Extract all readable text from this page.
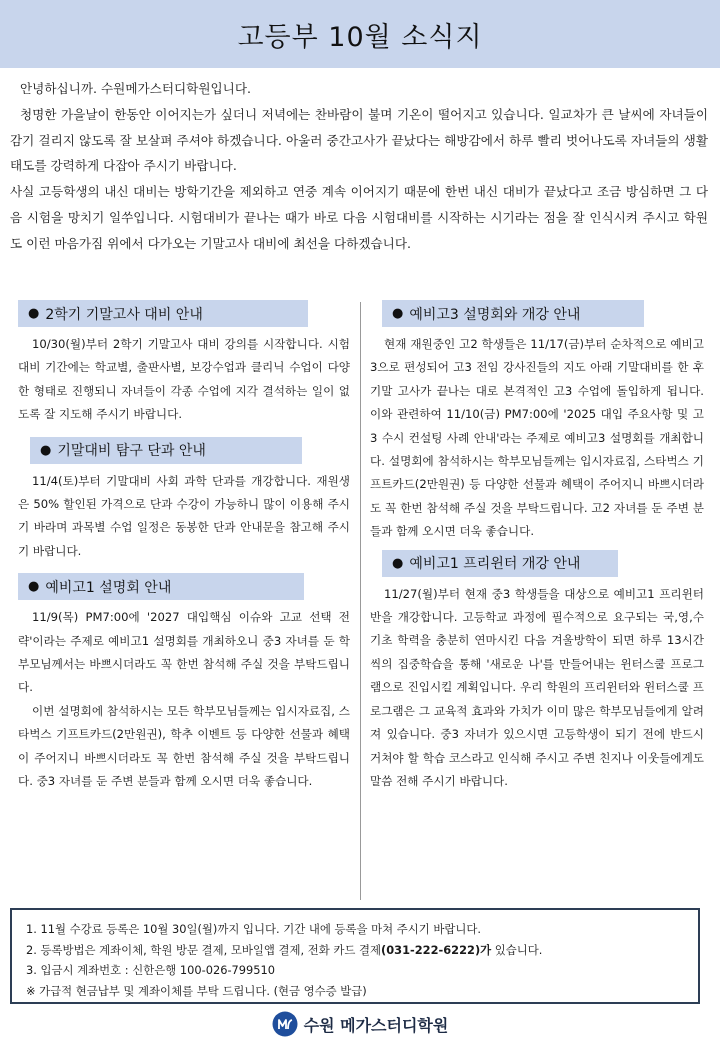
고등부 10월 소식지

안녕하십니까. 수원메가스터디학원입니다.

청명한 가을날이 한동안 이어지는가 싶더니 저녁에는 찬바람이 불며 기온이 떨어지고 있습니다. 일교차가 큰 날씨에 자녀들이 감기 걸리지 않도록 잘 보살펴 주셔야 하겠습니다. 아울러 중간고사가 끝났다는 해방감에서 하루 빨리 벗어나도록 자녀들의 생활 태도를 강력하게 다잡아 주시기 바랍니다.

사실 고등학생의 내신 대비는 방학기간을 제외하고 연중 계속 이어지기 때문에 한번 내신 대비가 끝났다고 조금 방심하면 그 다음 시험을 망치기 일쑤입니다. 시험대비가 끝나는 때가 바로 다음 시험대비를 시작하는 시기라는 점을 잘 인식시켜 주시고 학원도 이런 마음가짐 위에서 다가오는 기말고사 대비에 최선을 다하겠습니다.

● 2학기 기말고사 대비 안내

10/30(월)부터 2학기 기말고사 대비 강의를 시작합니다. 시험대비 기간에는 학교별, 출판사별, 보강수업과 클리닉 수업이 다양한 형태로 진행되니 자녀들이 각종 수업에 지각 결석하는 일이 없도록 잘 지도해 주시기 바랍니다.

● 기말대비 탐구 단과 안내

11/4(토)부터 기말대비 사회 과학 단과를 개강합니다. 재원생은 50% 할인된 가격으로 단과 수강이 가능하니 많이 이용해 주시기 바라며 과목별 수업 일정은 동봉한 단과 안내문을 참고해 주시기 바랍니다.

● 예비고1 설명회 안내

11/9(목) PM7:00에 '2027 대입핵심 이슈와 고교 선택 전략'이라는 주제로 예비고1 설명회를 개최하오니 중3 자녀를 둔 학부모님께서는 바쁘시더라도 꼭 한번 참석해 주실 것을 부탁드립니다.

이번 설명회에 참석하시는 모든 학부모님들께는 입시자료집, 스타벅스 기프트카드(2만원권), 학추 이벤트 등 다양한 선물과 혜택이 주어지니 바쁘시더라도 꼭 한번 참석해 주실 것을 부탁드립니다. 중3 자녀를 둔 주변 분들과 함께 오시면 더욱 좋습니다.

● 예비고3 설명회와 개강 안내

현재 재원중인 고2 학생들은 11/17(금)부터 순차적으로 예비고3으로 편성되어 고3 전임 강사진들의 지도 아래 기말대비를 한 후 기말 고사가 끝나는 대로 본격적인 고3 수업에 돌입하게 됩니다. 이와 관련하여 11/10(금) PM7:00에 '2025 대입 주요사항 및 고3 수시 컨설팅 사례 안내'라는 주제로 예비고3 설명회를 개최합니다. 설명회에 참석하시는 학부모님들께는 입시자료집, 스타벅스 기프트카드(2만원권) 등 다양한 선물과 혜택이 주어지니 바쁘시더라도 꼭 한번 참석해 주실 것을 부탁드립니다. 고2 자녀를 둔 주변 분들과 함께 오시면 더욱 좋습니다.

● 예비고1 프리윈터 개강 안내

11/27(월)부터 현재 중3 학생들을 대상으로 예비고1 프리윈터반을 개강합니다. 고등학교 과정에 필수적으로 요구되는 국,영,수 기초 학력을 충분히 연마시킨 다음 겨울방학이 되면 하루 13시간씩의 집중학습을 통해 '새로운 나'를 만들어내는 윈터스쿨 프로그램으로 진입시킬 계획입니다. 우리 학원의 프리윈터와 윈터스쿨 프로그램은 그 교육적 효과와 가치가 이미 많은 학부모님들에게 알려져 있습니다. 중3 자녀가 있으시면 고등학생이 되기 전에 반드시 거쳐야 할 학습 코스라고 인식해 주시고 주변 친지나 이웃들에게도 말씀 전해 주시기 바랍니다.

1. 11월 수강료 등록은 10월 30일(월)까지 입니다. 기간 내에 등록을 마쳐 주시기 바랍니다.
2. 등록방법은 계좌이체, 학원 방문 결제, 모바일앱 결제, 전화 카드 결제(031-222-6222)가 있습니다.
3. 입금시 계좌번호 : 신한은행 100-026-799510
※ 가급적 현금납부 및 계좌이체를 부탁 드립니다. (현금 영수증 발급)
수원 메가스터디학원
